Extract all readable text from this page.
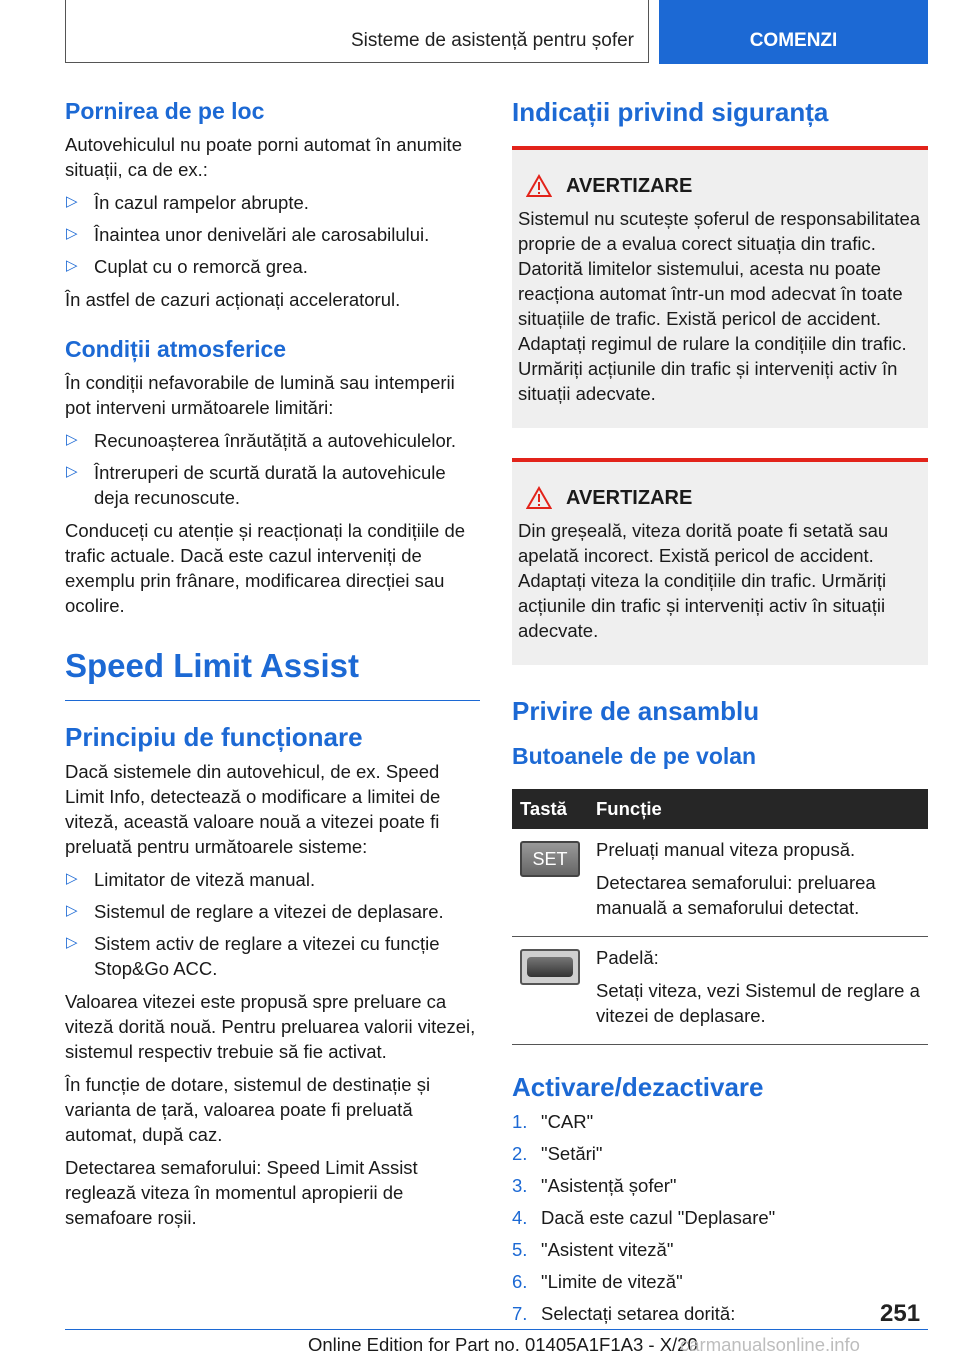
Sisteme de asistență pentru șofer	COMENZI
Pornirea de pe loc

Autovehiculul nu poate porni automat în anumite situații, ca de ex.:

▷ În cazul rampelor abrupte.
▷ Înaintea unor denivelări ale carosabilului.
▷ Cuplat cu o remorcă grea.

În astfel de cazuri acționați acceleratorul.

Condiții atmosferice

În condiții nefavorabile de lumină sau intemperii pot interveni următoarele limitări:

▷ Recunoașterea înrăutățită a autovehiculelor.
▷ Întreruperi de scurtă durată la autovehicule deja recunoscute.

Conduceți cu atenție și reacționați la condițiile de trafic actuale. Dacă este cazul interveniți de exemplu prin frânare, modificarea direcției sau ocolire.

Speed Limit Assist
Principiu de funcționare

Dacă sistemele din autovehicul, de ex. Speed Limit Info, detectează o modificare a limitei de viteză, această valoare nouă a vitezei poate fi preluată pentru următoarele sisteme:

▷ Limitator de viteză manual.
▷ Sistemul de reglare a vitezei de deplasare.
▷ Sistem activ de reglare a vitezei cu funcție Stop&Go ACC.

Valoarea vitezei este propusă spre preluare ca viteză dorită nouă. Pentru preluarea valorii vitezei, sistemul respectiv trebuie să fie activat.

În funcție de dotare, sistemul de destinație și varianta de țară, valoarea poate fi preluată automat, după caz.

Detectarea semaforului: Speed Limit Assist reglează viteza în momentul apropierii de semafoare roșii.

Indicații privind siguranța
AVERTIZARE

Sistemul nu scutește șoferul de responsabilitatea proprie de a evalua corect situația din trafic. Datorită limitelor sistemului, acesta nu poate reacționa automat într-un mod adecvat în toate situațiile de trafic. Există pericol de accident. Adaptați regimul de rulare la condițiile din trafic. Urmăriți acțiunile din trafic și interveniți activ în situații adecvate.

AVERTIZARE

Din greșeală, viteza dorită poate fi setată sau apelată incorect. Există pericol de accident. Adaptați viteza la condițiile din trafic. Urmăriți acțiunile din trafic și interveniți activ în situații adecvate.

Privire de ansamblu
Butoanele de pe volan
Tastă	Funcție

SET	Preluați manual viteza propusă.

Detectarea semaforului: preluarea manuală a semaforului detectat.

	Padelă:

Setați viteza, vezi Sistemul de reglare a vitezei de deplasare.

Activare/dezactivare
1. "CAR"
2. "Setări"
3. "Asistență șofer"
4. Dacă este cazul "Deplasare"
5. "Asistent viteză"
6. "Limite de viteză"
7. Selectați setarea dorită:	251
Online Edition for Part no. 01405A1F1A3 - X/20
carmanualsonline.info
